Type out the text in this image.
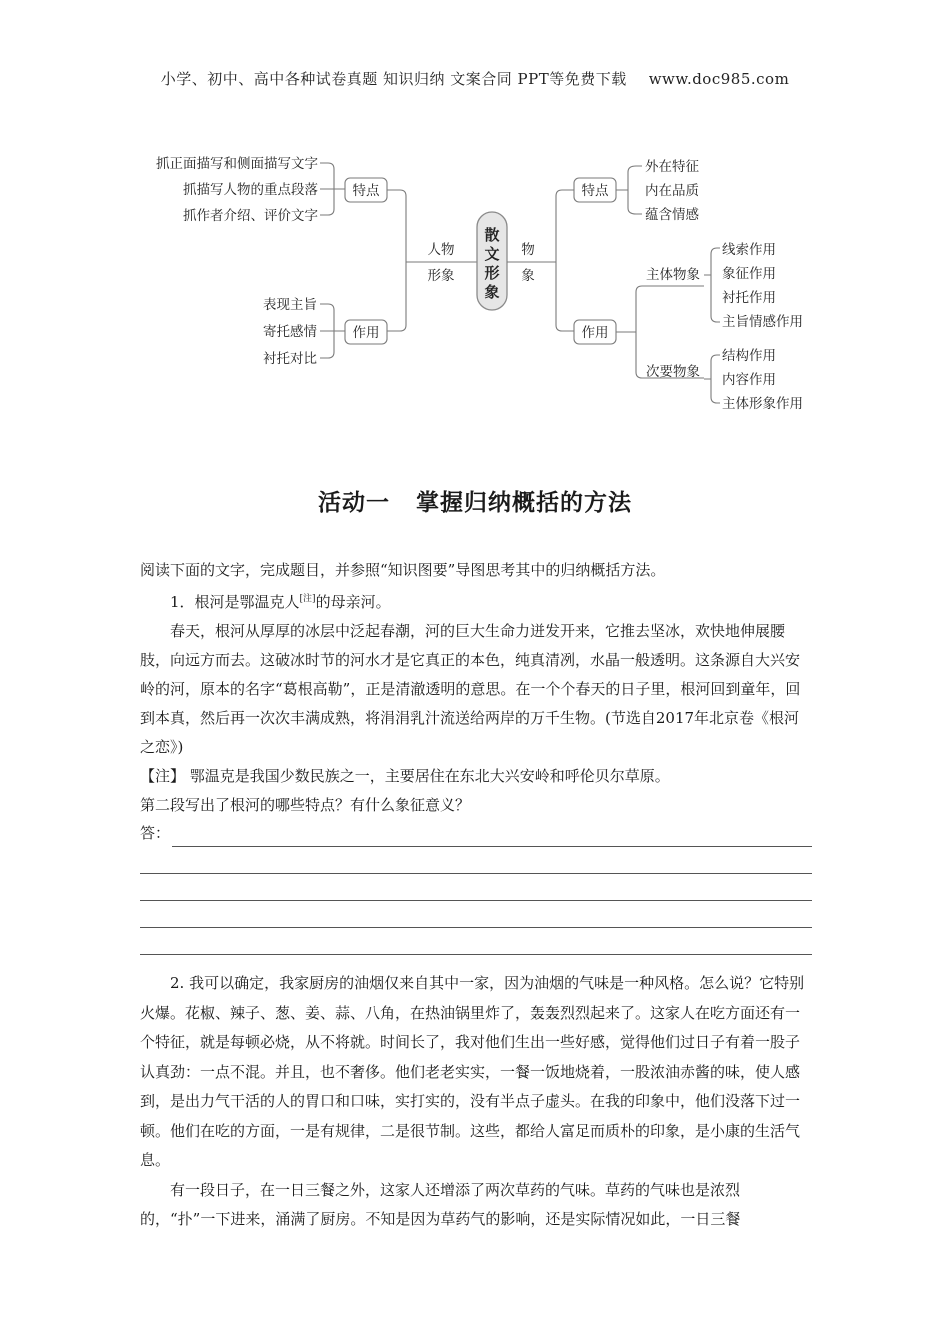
小学、初中、高中各种试卷真题 知识归纳 文案合同 PPT等免费下载 www.doc985.com
抓正面描写和侧面描写文字
抓描写人物的重点段落
抓作者介绍、评价文字
特点
表现主旨
寄托感情
衬托对比
作用
人物
形象
散
文
形
象
物
象
特点
外在特征
内在品质
蕴含情感
作用
主体物象
次要物象
线索作用
象征作用
衬托作用
主旨情感作用
结构作用
内容作用
主体形象作用
活动一 掌握归纳概括的方法

阅读下面的文字，完成题目，并参照“知识图要”导图思考其中的归纳概括方法。

1．根河是鄂温克人[注]的母亲河。

春天，根河从厚厚的冰层中泛起春潮，河的巨大生命力迸发开来，它推去坚冰，欢快地伸展腰肢，向远方而去。这破冰时节的河水才是它真正的本色，纯真清冽，水晶一般透明。这条源自大兴安岭的河，原本的名字“葛根高勒”，正是清澈透明的意思。在一个个春天的日子里，根河回到童年，回到本真，然后再一次次丰满成熟，将涓涓乳汁流送给两岸的万千生物。(节选自2017年北京卷《根河之恋》)

【注】 鄂温克是我国少数民族之一，主要居住在东北大兴安岭和呼伦贝尔草原。

第二段写出了根河的哪些特点？有什么象征意义？

答：

2. 我可以确定，我家厨房的油烟仅来自其中一家，因为油烟的气味是一种风格。怎么说？它特别火爆。花椒、辣子、葱、姜、蒜、八角，在热油锅里炸了，轰轰烈烈起来了。这家人在吃方面还有一个特征，就是每顿必烧，从不将就。时间长了，我对他们生出一些好感，觉得他们过日子有着一股子认真劲：一点不混。并且，也不奢侈。他们老老实实，一餐一饭地烧着，一股浓油赤酱的味，使人感到，是出力气干活的人的胃口和口味，实打实的，没有半点子虚头。在我的印象中，他们没落下过一顿。他们在吃的方面，一是有规律，二是很节制。这些，都给人富足而质朴的印象，是小康的生活气息。

有一段日子，在一日三餐之外，这家人还增添了两次草药的气味。草药的气味也是浓烈的，“扑”一下进来，涌满了厨房。不知是因为草药气的影响，还是实际情况如此，一日三餐
